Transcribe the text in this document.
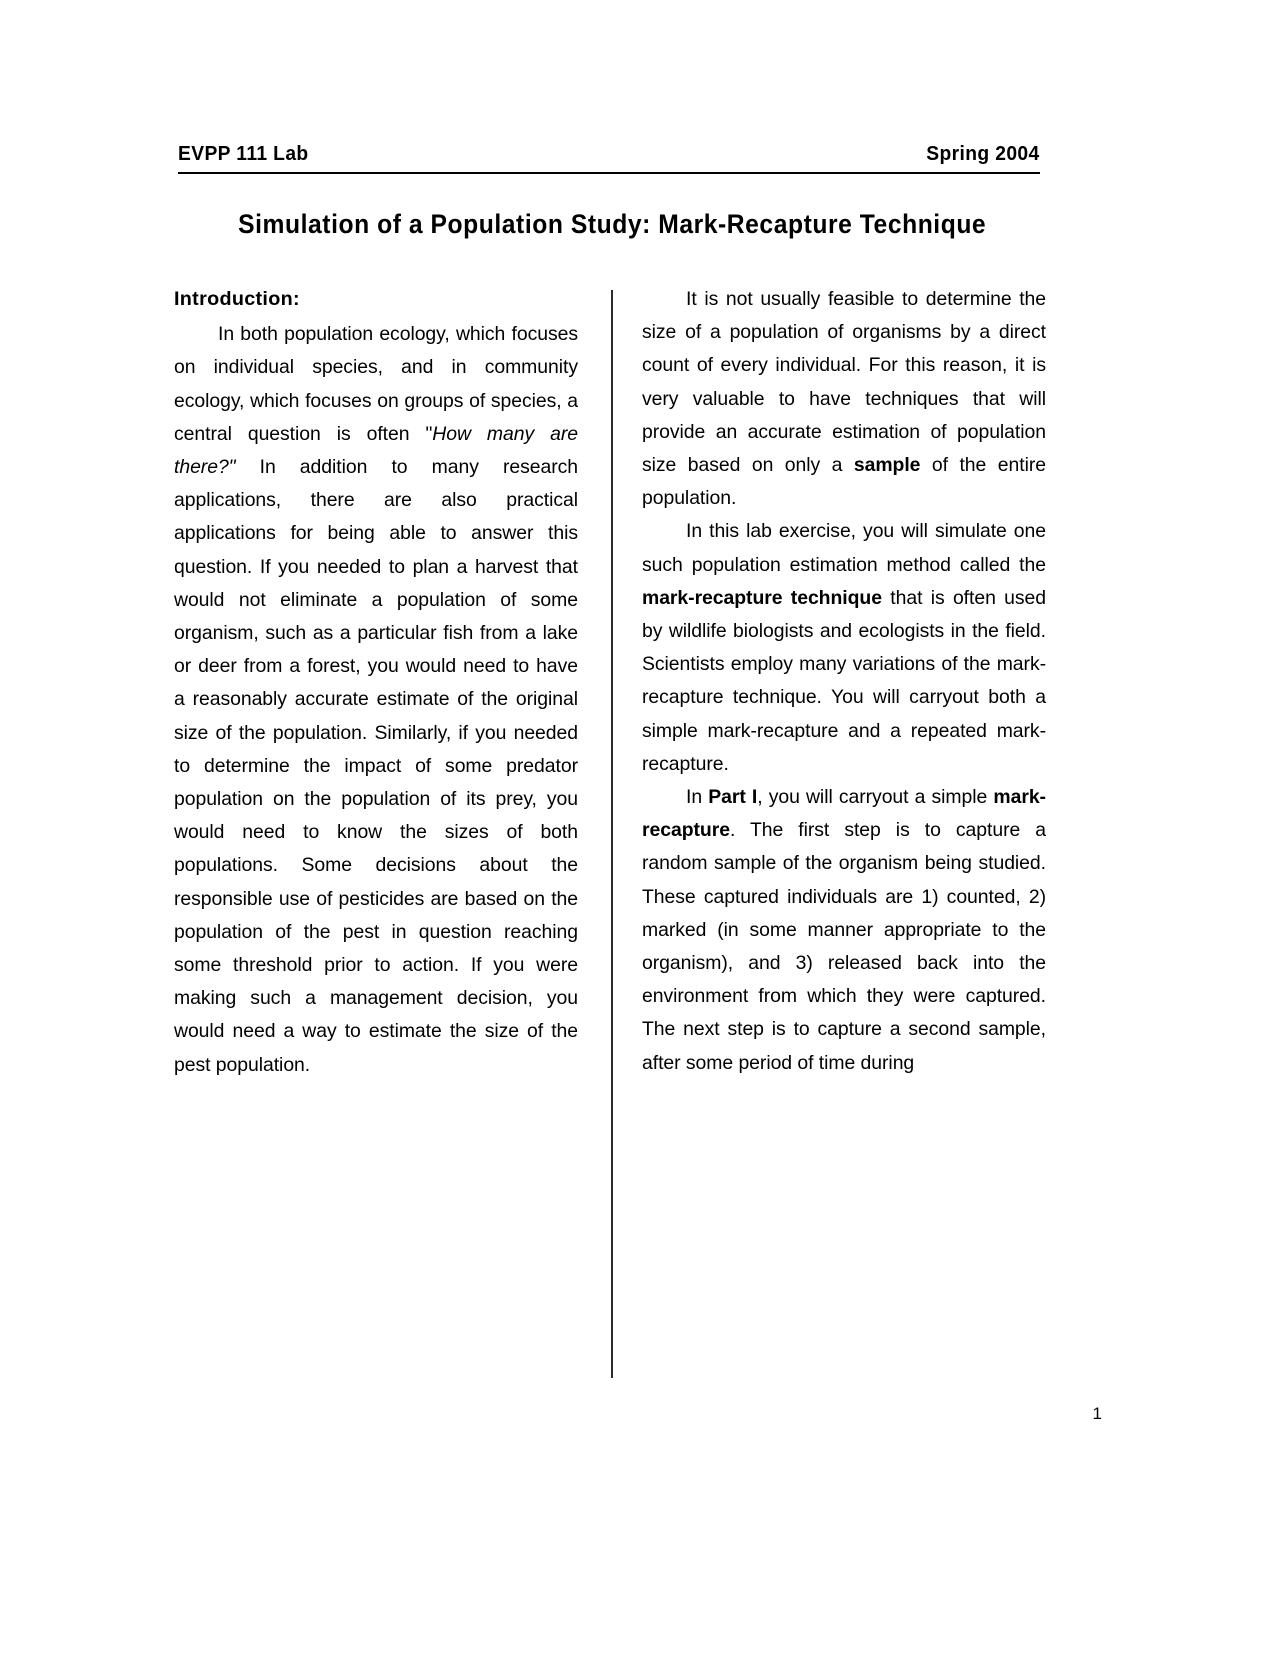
EVPP 111 Lab	Spring 2004
Simulation of a Population Study: Mark-Recapture Technique
Introduction:

In both population ecology, which focuses on individual species, and in community ecology, which focuses on groups of species, a central question is often "How many are there?" In addition to many research applications, there are also practical applications for being able to answer this question. If you needed to plan a harvest that would not eliminate a population of some organism, such as a particular fish from a lake or deer from a forest, you would need to have a reasonably accurate estimate of the original size of the population. Similarly, if you needed to determine the impact of some predator population on the population of its prey, you would need to know the sizes of both populations. Some decisions about the responsible use of pesticides are based on the population of the pest in question reaching some threshold prior to action. If you were making such a management decision, you would need a way to estimate the size of the pest population.

It is not usually feasible to determine the size of a population of organisms by a direct count of every individual. For this reason, it is very valuable to have techniques that will provide an accurate estimation of population size based on only a sample of the entire population.

In this lab exercise, you will simulate one such population estimation method called the mark-recapture technique that is often used by wildlife biologists and ecologists in the field. Scientists employ many variations of the mark-recapture technique. You will carryout both a simple mark-recapture and a repeated mark-recapture.

In Part I, you will carryout a simple mark-recapture. The first step is to capture a random sample of the organism being studied. These captured individuals are 1) counted, 2) marked (in some manner appropriate to the organism), and 3) released back into the environment from which they were captured. The next step is to capture a second sample, after some period of time during

1
